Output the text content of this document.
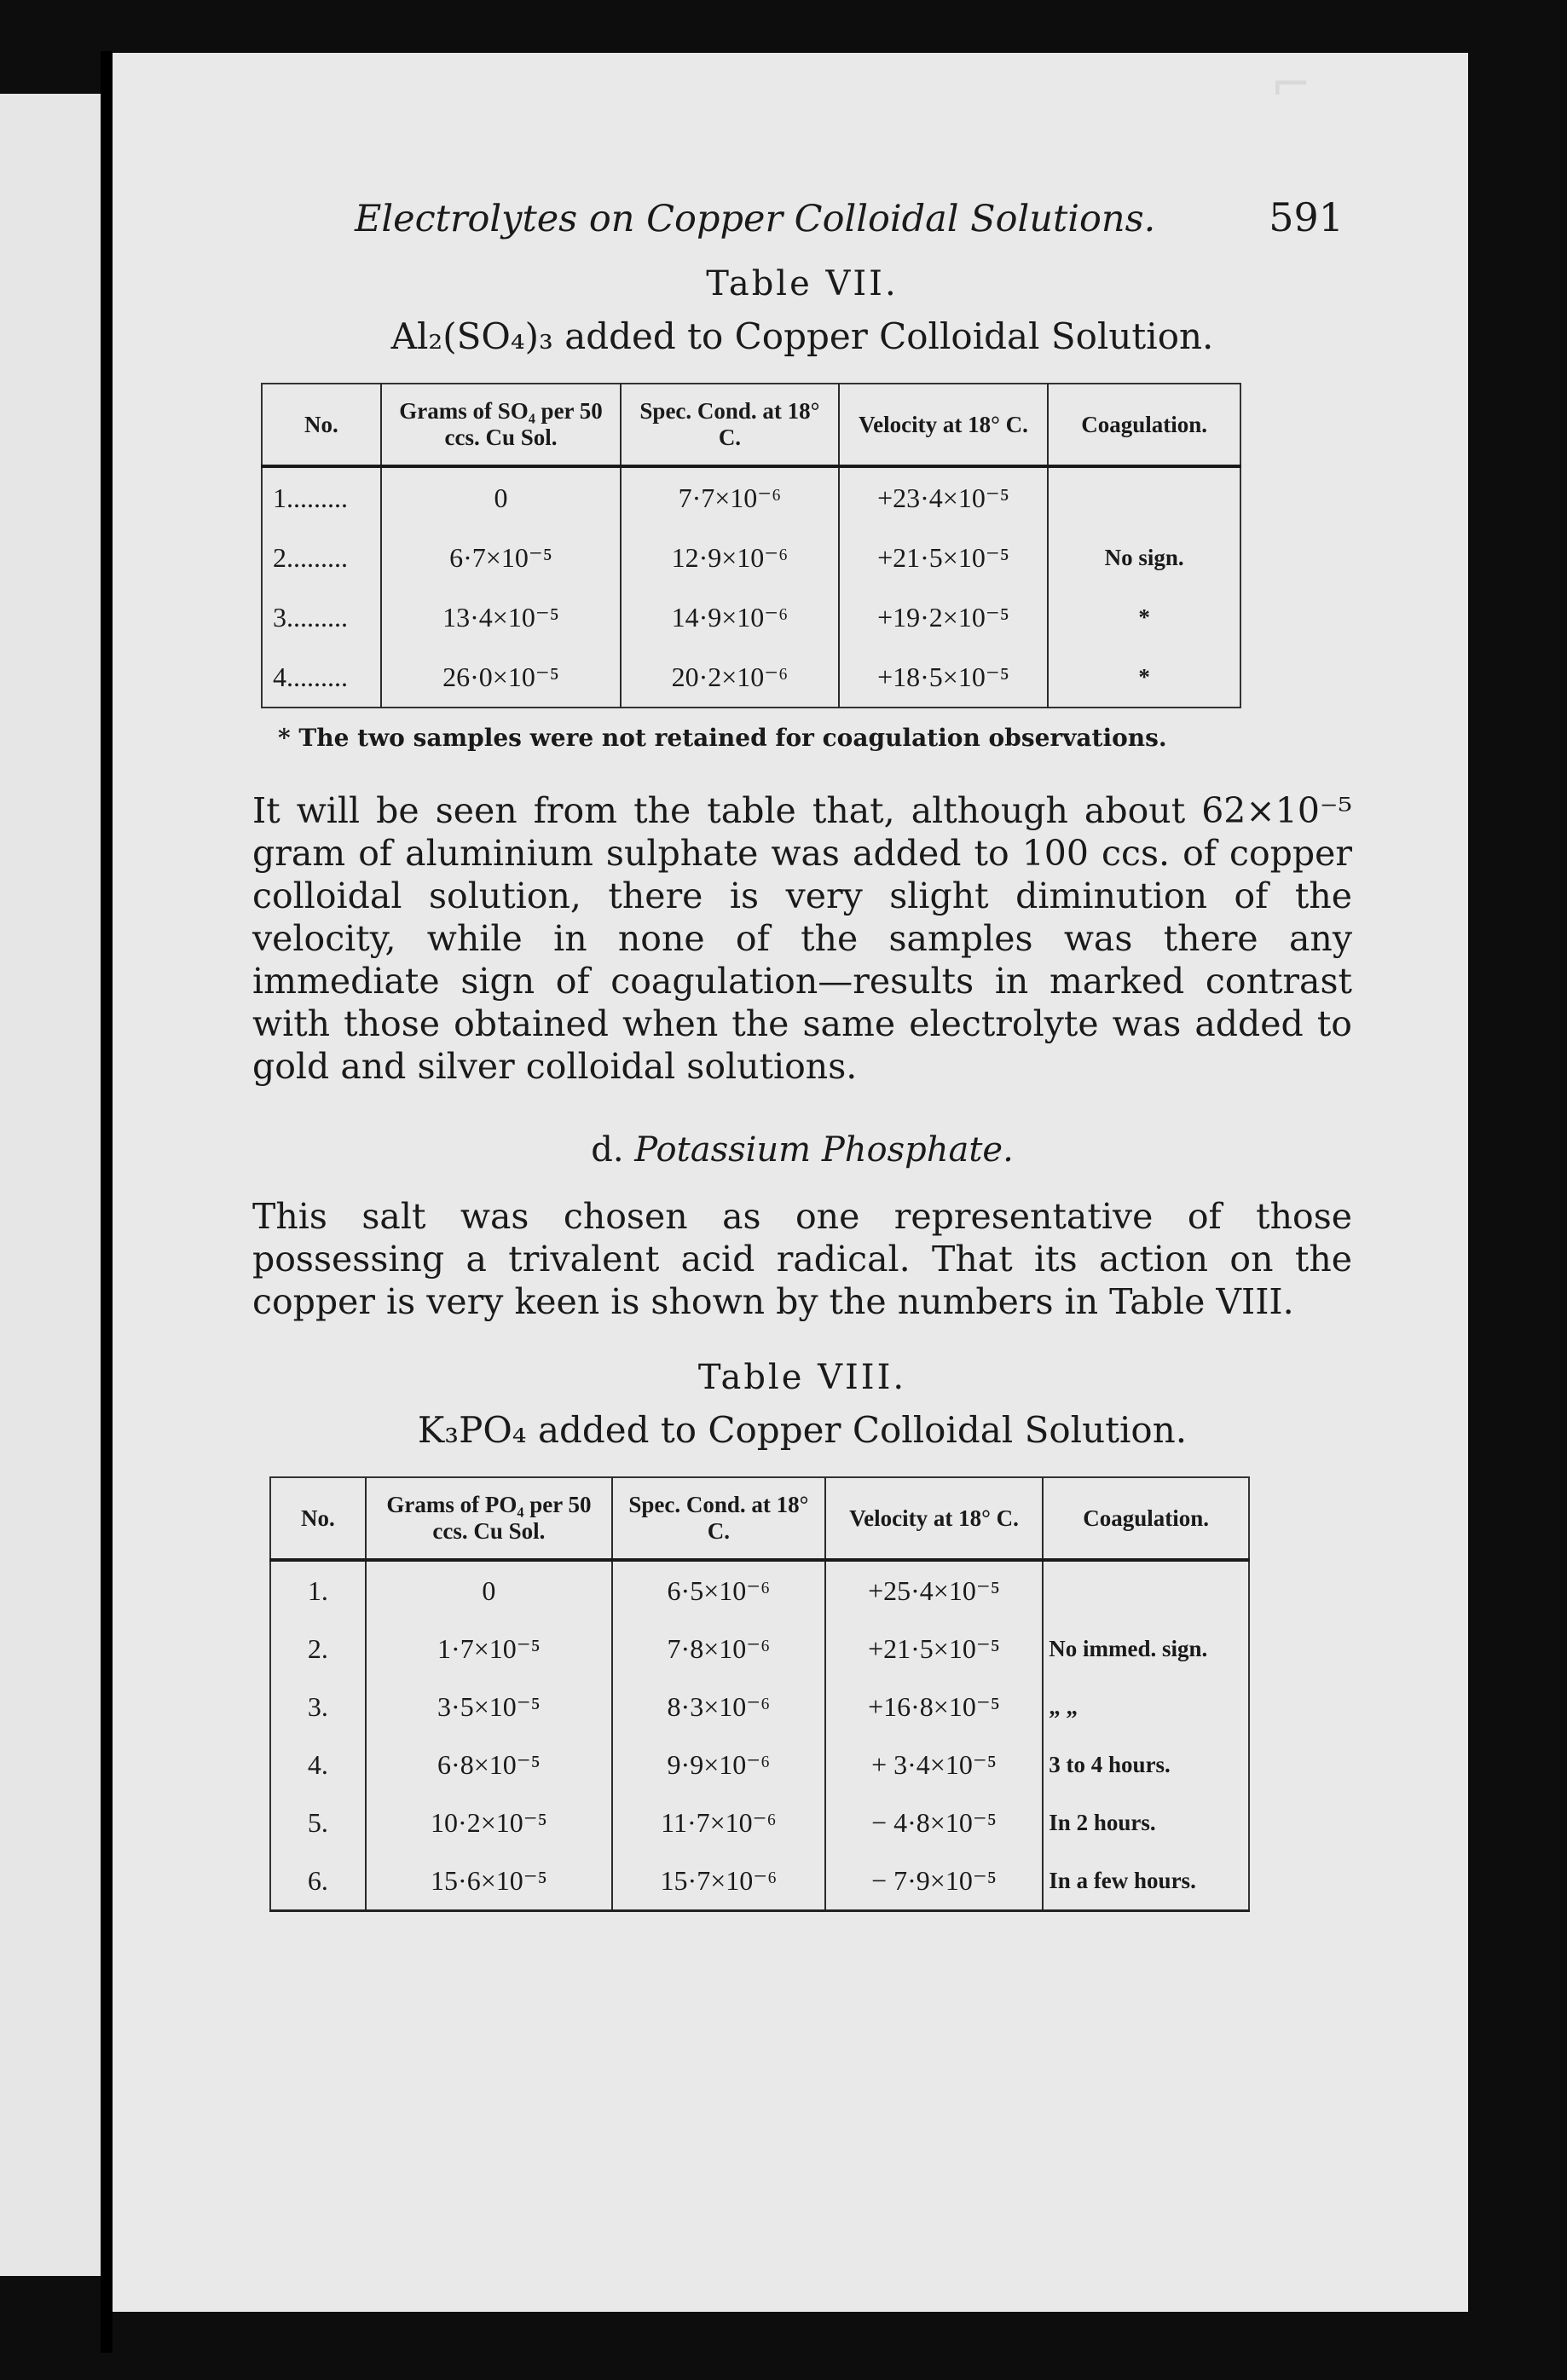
⌐
Electrolytes on Copper Colloidal Solutions.	591
Table VII.
Al₂(SO₄)₃ added to Copper Colloidal Solution.
No.	Grams of SO₄ per 50 ccs. Cu Sol.	Spec. Cond. at 18° C.	Velocity at 18° C.	Coagulation.
1.........	0	7·7×10⁻⁶	+23·4×10⁻⁵	
2.........	6·7×10⁻⁵	12·9×10⁻⁶	+21·5×10⁻⁵	No sign.
3.........	13·4×10⁻⁵	14·9×10⁻⁶	+19·2×10⁻⁵	*
4.........	26·0×10⁻⁵	20·2×10⁻⁶	+18·5×10⁻⁵	*
* The two samples were not retained for coagulation observations.

It will be seen from the table that, although about 62×10⁻⁵ gram of aluminium sulphate was added to 100 ccs. of copper colloidal solution, there is very slight diminution of the velocity, while in none of the samples was there any immediate sign of coagulation—results in marked contrast with those obtained when the same electrolyte was added to gold and silver colloidal solutions.

d. Potassium Phosphate.

This salt was chosen as one representative of those possessing a trivalent acid radical. That its action on the copper is very keen is shown by the numbers in Table VIII.

Table VIII.
K₃PO₄ added to Copper Colloidal Solution.
No.	Grams of PO₄ per 50 ccs. Cu Sol.	Spec. Cond. at 18° C.	Velocity at 18° C.	Coagulation.
1.	0	6·5×10⁻⁶	+25·4×10⁻⁵	
2.	1·7×10⁻⁵	7·8×10⁻⁶	+21·5×10⁻⁵	No immed. sign.
3.	3·5×10⁻⁵	8·3×10⁻⁶	+16·8×10⁻⁵	„ „
4.	6·8×10⁻⁵	9·9×10⁻⁶	+ 3·4×10⁻⁵	3 to 4 hours.
5.	10·2×10⁻⁵	11·7×10⁻⁶	− 4·8×10⁻⁵	In 2 hours.
6.	15·6×10⁻⁵	15·7×10⁻⁶	− 7·9×10⁻⁵	In a few hours.
